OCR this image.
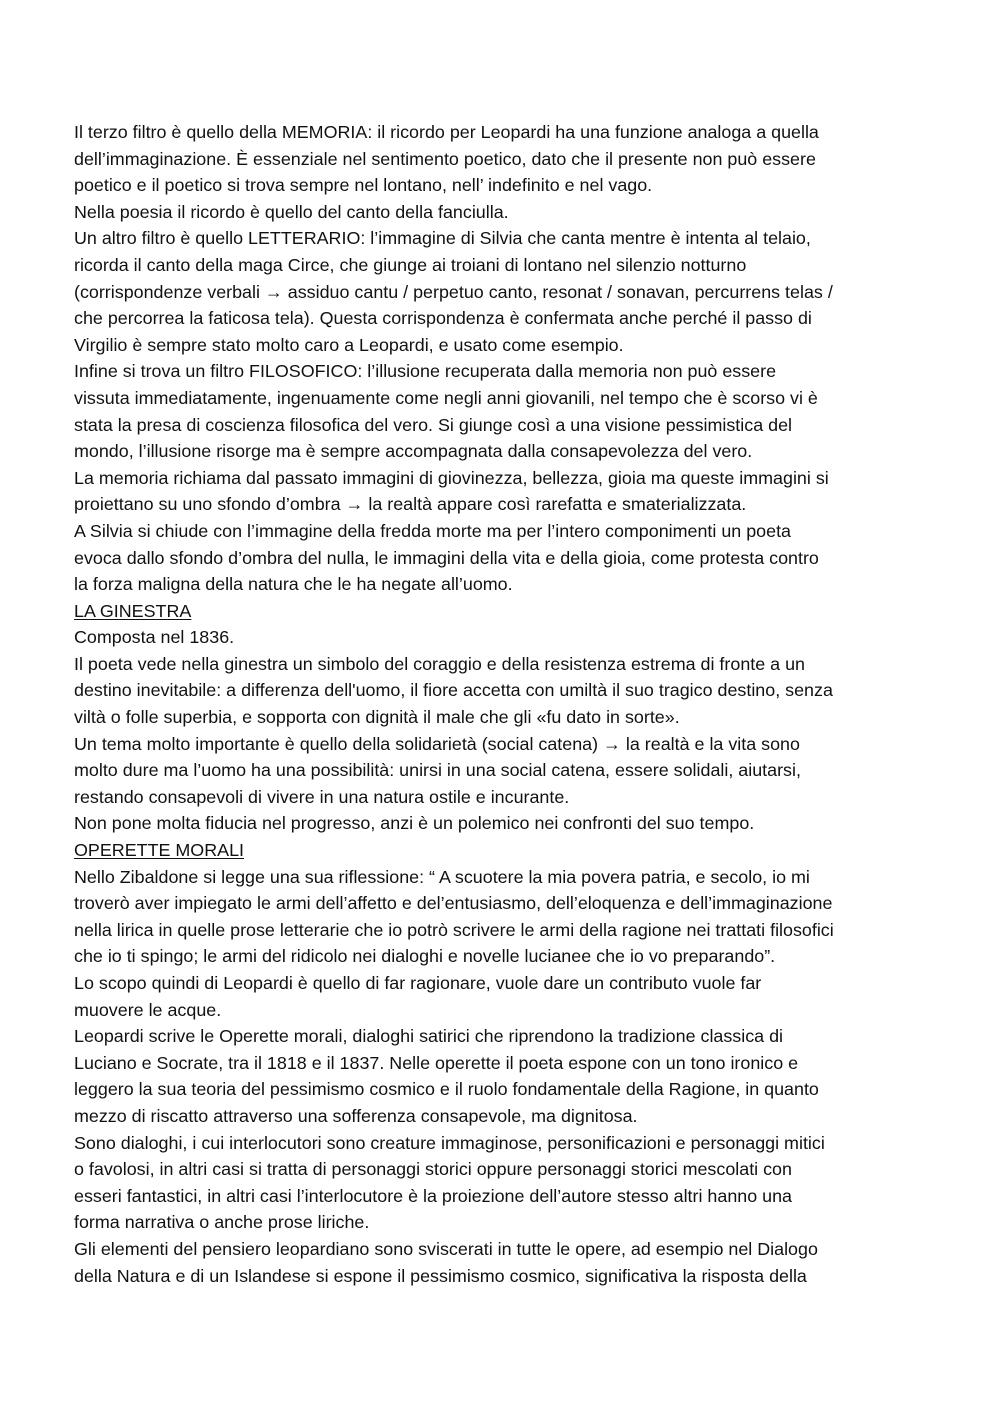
Il terzo filtro è quello della MEMORIA: il ricordo per Leopardi ha una funzione analoga a quella

dell’immaginazione. È essenziale nel sentimento poetico, dato che il presente non può essere

poetico e il poetico si trova sempre nel lontano, nell’ indefinito e nel vago.

Nella poesia il ricordo è quello del canto della fanciulla.

Un altro filtro è quello LETTERARIO: l’immagine di Silvia che canta mentre è intenta al telaio,

ricorda il canto della maga Circe, che giunge ai troiani di lontano nel silenzio notturno

(corrispondenze verbali → assiduo cantu / perpetuo canto, resonat / sonavan, percurrens telas /

che percorrea la faticosa tela). Questa corrispondenza è confermata anche perché il passo di

Virgilio è sempre stato molto caro a Leopardi, e usato come esempio.

Infine si trova un filtro FILOSOFICO: l’illusione recuperata dalla memoria non può essere

vissuta immediatamente, ingenuamente come negli anni giovanili, nel tempo che è scorso vi è

stata la presa di coscienza filosofica del vero. Si giunge così a una visione pessimistica del

mondo, l’illusione risorge ma è sempre accompagnata dalla consapevolezza del vero.

La memoria richiama dal passato immagini di giovinezza, bellezza, gioia ma queste immagini si

proiettano su uno sfondo d’ombra → la realtà appare così rarefatta e smaterializzata.

A Silvia si chiude con l’immagine della fredda morte ma per l’intero componimenti un poeta

evoca dallo sfondo d’ombra del nulla, le immagini della vita e della gioia, come protesta contro

la forza maligna della natura che le ha negate all’uomo.

LA GINESTRA

Composta nel 1836.

Il poeta vede nella ginestra un simbolo del coraggio e della resistenza estrema di fronte a un

destino inevitabile: a differenza dell'uomo, il fiore accetta con umiltà il suo tragico destino, senza

viltà o folle superbia, e sopporta con dignità il male che gli «fu dato in sorte».

Un tema molto importante è quello della solidarietà (social catena) → la realtà e la vita sono

molto dure ma l’uomo ha una possibilità: unirsi in una social catena, essere solidali, aiutarsi,

restando consapevoli di vivere in una natura ostile e incurante.

Non pone molta fiducia nel progresso, anzi è un polemico nei confronti del suo tempo.

OPERETTE MORALI

Nello Zibaldone si legge una sua riflessione: “ A scuotere la mia povera patria, e secolo, io mi

troverò aver impiegato le armi dell’affetto e del’entusiasmo, dell’eloquenza e dell’immaginazione

nella lirica in quelle prose letterarie che io potrò scrivere le armi della ragione nei trattati filosofici

che io ti spingo; le armi del ridicolo nei dialoghi e novelle lucianee che io vo preparando”.

Lo scopo quindi di Leopardi è quello di far ragionare, vuole dare un contributo vuole far

muovere le acque.

Leopardi scrive le Operette morali, dialoghi satirici che riprendono la tradizione classica di

Luciano e Socrate, tra il 1818 e il 1837. Nelle operette il poeta espone con un tono ironico e

leggero la sua teoria del pessimismo cosmico e il ruolo fondamentale della Ragione, in quanto

mezzo di riscatto attraverso una sofferenza consapevole, ma dignitosa.

Sono dialoghi, i cui interlocutori sono creature immaginose, personificazioni e personaggi mitici

o favolosi, in altri casi si tratta di personaggi storici oppure personaggi storici mescolati con

esseri fantastici, in altri casi l’interlocutore è la proiezione dell’autore stesso altri hanno una

forma narrativa o anche prose liriche.

Gli elementi del pensiero leopardiano sono sviscerati in tutte le opere, ad esempio nel Dialogo

della Natura e di un Islandese si espone il pessimismo cosmico, significativa la risposta della
